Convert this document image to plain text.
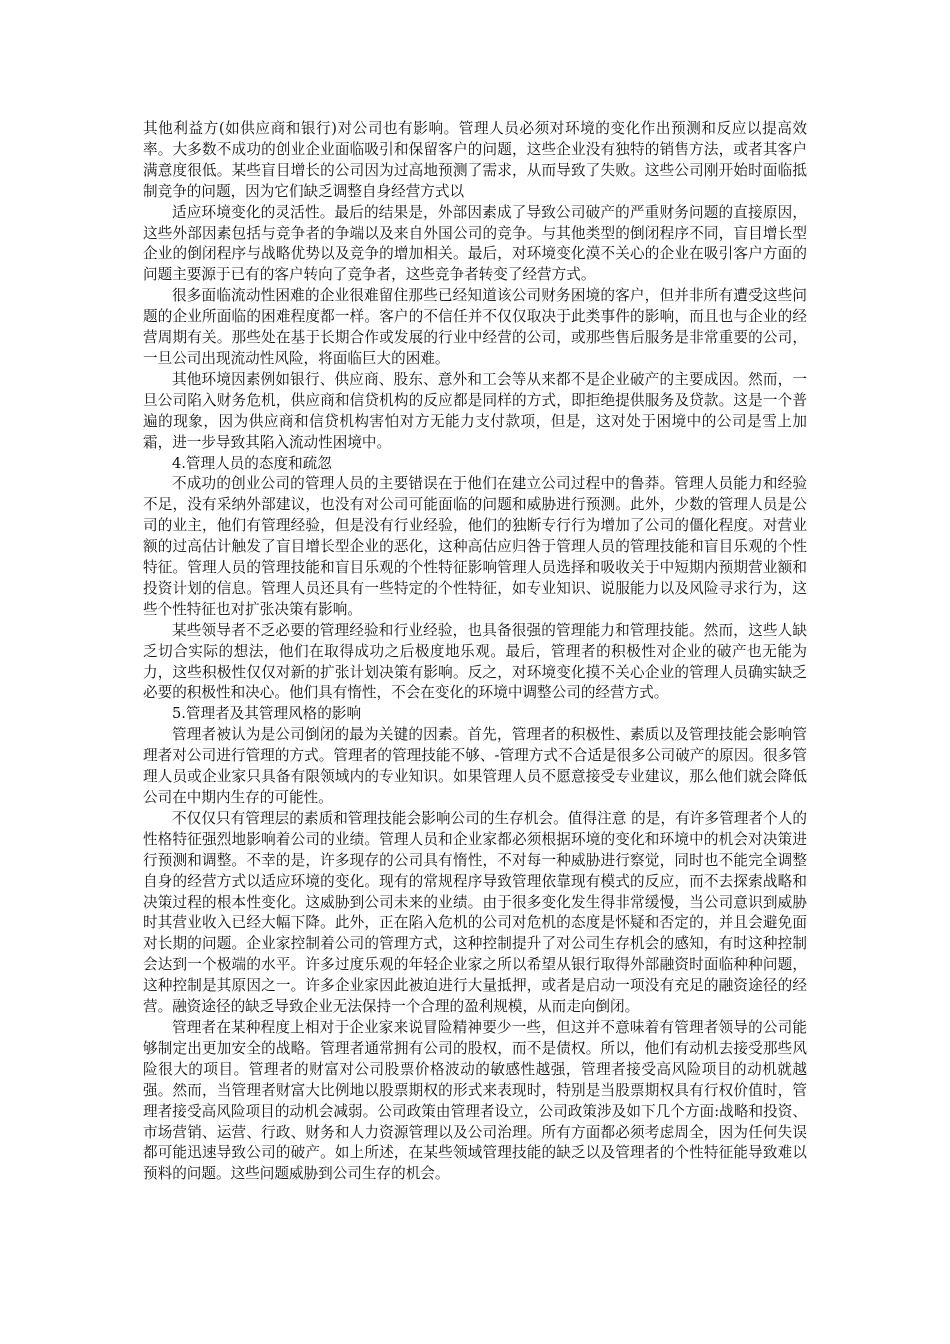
其他利益方(如供应商和银行)对公司也有影响。管理人员必须对环境的变化作出预测和反应以提高效率。大多数不成功的创业企业面临吸引和保留客户的问题，这些企业没有独特的销售方法，或者其客户满意度很低。某些盲目增长的公司因为过高地预测了需求，从而导致了失败。这些公司刚开始时面临抵制竞争的问题，因为它们缺乏调整自身经营方式以

适应环境变化的灵活性。最后的结果是，外部因素成了导致公司破产的严重财务问题的直接原因，这些外部因素包括与竞争者的争端以及来自外国公司的竞争。与其他类型的倒闭程序不同，盲目增长型企业的倒闭程序与战略优势以及竞争的增加相关。最后，对环境变化漠不关心的企业在吸引客户方面的问题主要源于已有的客户转向了竞争者，这些竞争者转变了经营方式。

很多面临流动性困难的企业很难留住那些已经知道该公司财务困境的客户，但并非所有遭受这些问题的企业所面临的困难程度都一样。客户的不信任并不仅仅取决于此类事件的影响，而且也与企业的经营周期有关。那些处在基于长期合作或发展的行业中经营的公司，或那些售后服务是非常重要的公司，一旦公司出现流动性风险，将面临巨大的困难。

其他环境因素例如银行、供应商、股东、意外和工会等从来都不是企业破产的主要成因。然而，一旦公司陷入财务危机，供应商和信贷机构的反应都是同样的方式，即拒绝提供服务及贷款。这是一个普遍的现象，因为供应商和信贷机构害怕对方无能力支付款项，但是，这对处于困境中的公司是雪上加霜，进一步导致其陷入流动性困境中。

4.管理人员的态度和疏忽

不成功的创业公司的管理人员的主要错误在于他们在建立公司过程中的鲁莽。管理人员能力和经验不足，没有采纳外部建议，也没有对公司可能面临的问题和威胁进行预测。此外，少数的管理人员是公司的业主，他们有管理经验，但是没有行业经验，他们的独断专行行为增加了公司的僵化程度。对营业额的过高估计触发了盲目增长型企业的恶化，这种高估应归咎于管理人员的管理技能和盲目乐观的个性特征。管理人员的管理技能和盲目乐观的个性特征影响管理人员选择和吸收关于中短期内预期营业额和投资计划的信息。管理人员还具有一些特定的个性特征，如专业知识、说服能力以及风险寻求行为，这些个性特征也对扩张决策有影响。

某些领导者不乏必要的管理经验和行业经验，也具备很强的管理能力和管理技能。然而，这些人缺乏切合实际的想法，他们在取得成功之后极度地乐观。最后，管理者的积极性对企业的破产也无能为力，这些积极性仅仅对新的扩张计划决策有影响。反之，对环境变化摸不关心企业的管理人员确实缺乏必要的积极性和决心。他们具有惰性，不会在变化的环境中调整公司的经营方式。

5.管理者及其管理风格的影响

管理者被认为是公司倒闭的最为关键的因素。首先，管理者的积极性、素质以及管理技能会影响管理者对公司进行管理的方式。管理者的管理技能不够、-管理方式不合适是很多公司破产的原因。很多管理人员或企业家只具备有限领域内的专业知识。如果管理人员不愿意接受专业建议，那么他们就会降低公司在中期内生存的可能性。

不仅仅只有管理层的素质和管理技能会影响公司的生存机会。值得注意 的是，有许多管理者个人的性格特征强烈地影响着公司的业绩。管理人员和企业家都必须根据环境的变化和环境中的机会对决策进行预测和调整。不幸的是，许多现存的公司具有惰性，不对每一种威胁进行察觉，同时也不能完全调整自身的经营方式以适应环境的变化。现有的常规程序导致管理依靠现有模式的反应，而不去探索战略和决策过程的根本性变化。这威胁到公司未来的业绩。由于很多变化发生得非常缓慢，当公司意识到威胁时其营业收入已经大幅下降。此外，正在陷入危机的公司对危机的态度是怀疑和否定的，并且会避免面对长期的问题。企业家控制着公司的管理方式，这种控制提升了对公司生存机会的感知，有时这种控制会达到一个极端的水平。许多过度乐观的年轻企业家之所以希望从银行取得外部融资时面临种种问题，这种控制是其原因之一。许多企业家因此被迫进行大量抵押，或者是启动一项没有充足的融资途径的经营。融资途径的缺乏导致企业无法保持一个合理的盈利规模，从而走向倒闭。

管理者在某种程度上相对于企业家来说冒险精神要少一些，但这并不意味着有管理者领导的公司能够制定出更加安全的战略。管理者通常拥有公司的股权，而不是债权。所以，他们有动机去接受那些风险很大的项目。管理者的财富对公司股票价格波动的敏感性越强，管理者接受高风险项目的动机就越强。然而，当管理者财富大比例地以股票期权的形式来表现时，特别是当股票期权具有行权价值时，管理者接受高风险项目的动机会减弱。公司政策由管理者设立，公司政策涉及如下几个方面:战略和投资、市场营销、运营、行政、财务和人力资源管理以及公司治理。所有方面都必须考虑周全，因为任何失误都可能迅速导致公司的破产。如上所述，在某些领域管理技能的缺乏以及管理者的个性特征能导致难以预料的问题。这些问题威胁到公司生存的机会。
